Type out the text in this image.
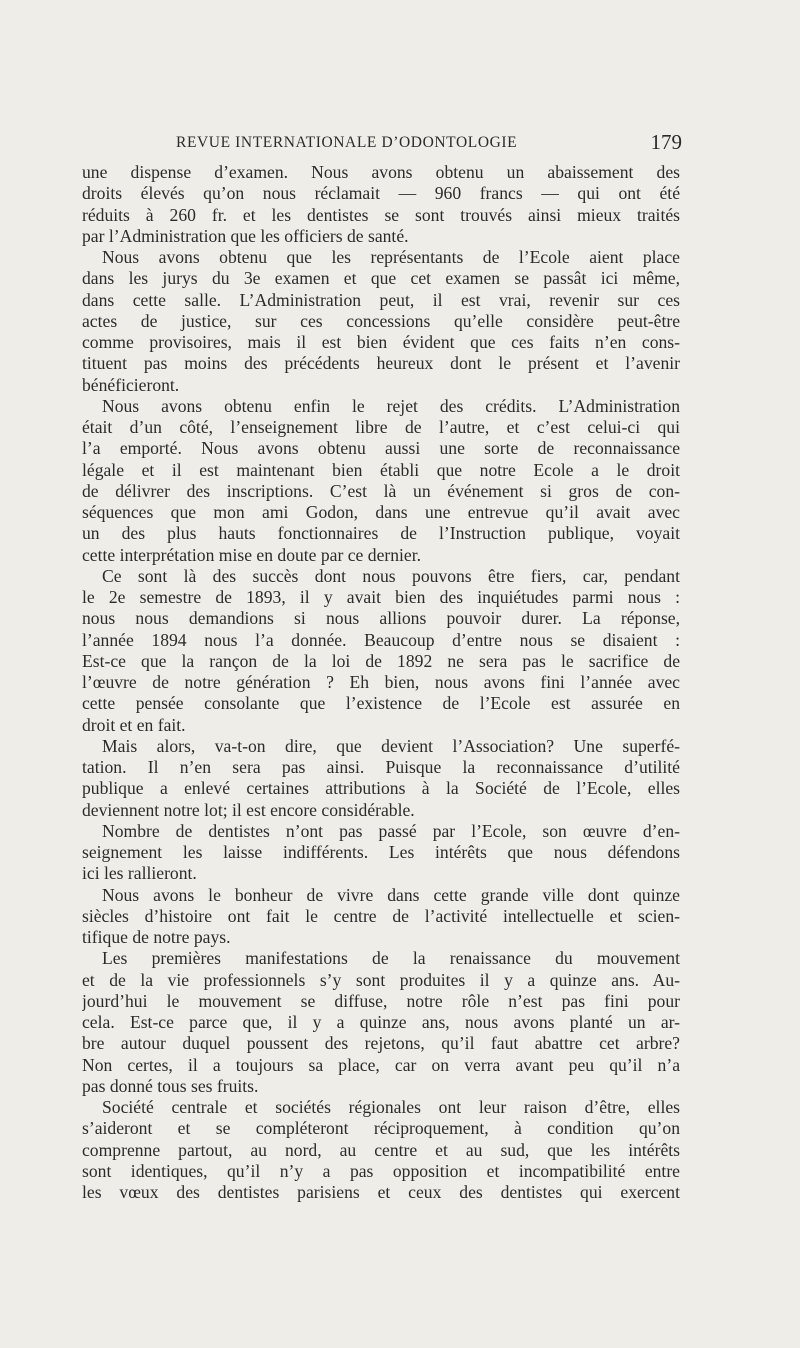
REVUE INTERNATIONALE D’ODONTOLOGIE	179
une dispense d’examen. Nous avons obtenu un abaissement des
droits élevés qu’on nous réclamait — 960 francs — qui ont été
réduits à 260 fr. et les dentistes se sont trouvés ainsi mieux traités
par l’Administration que les officiers de santé.
Nous avons obtenu que les représentants de l’Ecole aient place
dans les jurys du 3e examen et que cet examen se passât ici même,
dans cette salle. L’Administration peut, il est vrai, revenir sur ces
actes de justice, sur ces concessions qu’elle considère peut-être
comme provisoires, mais il est bien évident que ces faits n’en cons-
tituent pas moins des précédents heureux dont le présent et l’avenir
bénéficieront.
Nous avons obtenu enfin le rejet des crédits. L’Administration
était d’un côté, l’enseignement libre de l’autre, et c’est celui-ci qui
l’a emporté. Nous avons obtenu aussi une sorte de reconnaissance
légale et il est maintenant bien établi que notre Ecole a le droit
de délivrer des inscriptions. C’est là un événement si gros de con-
séquences que mon ami Godon, dans une entrevue qu’il avait avec
un des plus hauts fonctionnaires de l’Instruction publique, voyait
cette interprétation mise en doute par ce dernier.
Ce sont là des succès dont nous pouvons être fiers, car, pendant
le 2e semestre de 1893, il y avait bien des inquiétudes parmi nous :
nous nous demandions si nous allions pouvoir durer. La réponse,
l’année 1894 nous l’a donnée. Beaucoup d’entre nous se disaient :
Est-ce que la rançon de la loi de 1892 ne sera pas le sacrifice de
l’œuvre de notre génération ? Eh bien, nous avons fini l’année avec
cette pensée consolante que l’existence de l’Ecole est assurée en
droit et en fait.
Mais alors, va-t-on dire, que devient l’Association? Une superfé-
tation. Il n’en sera pas ainsi. Puisque la reconnaissance d’utilité
publique a enlevé certaines attributions à la Société de l’Ecole, elles
deviennent notre lot; il est encore considérable.
Nombre de dentistes n’ont pas passé par l’Ecole, son œuvre d’en-
seignement les laisse indifférents. Les intérêts que nous défendons
ici les rallieront.
Nous avons le bonheur de vivre dans cette grande ville dont quinze
siècles d’histoire ont fait le centre de l’activité intellectuelle et scien-
tifique de notre pays.
Les premières manifestations de la renaissance du mouvement
et de la vie professionnels s’y sont produites il y a quinze ans. Au-
jourd’hui le mouvement se diffuse, notre rôle n’est pas fini pour
cela. Est-ce parce que, il y a quinze ans, nous avons planté un ar-
bre autour duquel poussent des rejetons, qu’il faut abattre cet arbre?
Non certes, il a toujours sa place, car on verra avant peu qu’il n’a
pas donné tous ses fruits.
Société centrale et sociétés régionales ont leur raison d’être, elles
s’aideront et se compléteront réciproquement, à condition qu’on
comprenne partout, au nord, au centre et au sud, que les intérêts
sont identiques, qu’il n’y a pas opposition et incompatibilité entre
les vœux des dentistes parisiens et ceux des dentistes qui exercent
